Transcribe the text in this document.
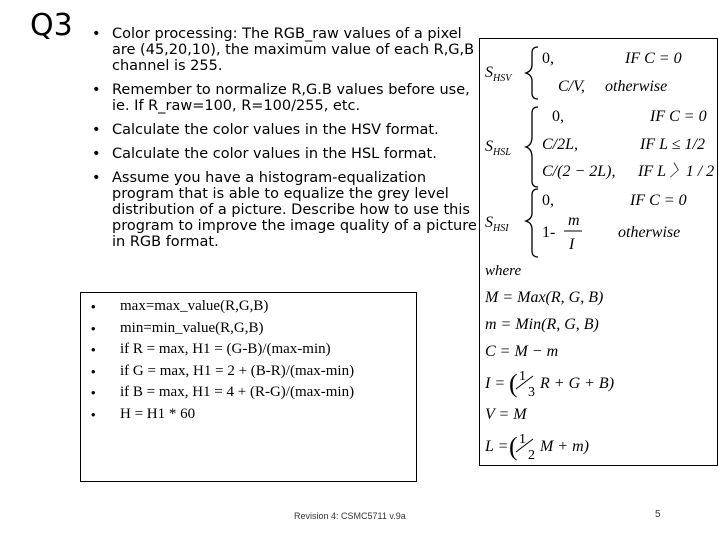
Q3
•	Color processing: The RGB_raw values of a pixel are (45,20,10), the maximum value of each R,G,B channel is 255.
• Remember to normalize R,G.B values before use, ie. If R_raw=100, R=100/255, etc.
• Calculate the color values in the HSV format.
• Calculate the color values in the HSL format.
• Assume you have a histogram-equalization program that is able to equalize the grey level distribution of a picture. Describe how to use this program to improve the image quality of a picture in RGB format.
• max=max_value(R,G,B)
• min=min_value(R,G,B)
• if R = max, H1 = (G-B)/(max-min)
• if G = max, H1 = 2 + (B-R)/(max-min)
• if B = max, H1 = 4 + (R-G)/(max-min)
• H = H1 * 60
$S_{HSV}$
0,	IF C = 0
C/V, otherwise
$S_{HSL}$
0,	IF C = 0
C/2L,	IF L ≤ 1/2
C/(2 − 2L), IF L 〉1 / 2
$S_{HSI}$
0,	IF C = 0
1-
m
I
otherwise
where
M = Max(R, G, B)
m = Min(R, G, B)
C = M − m
I = ( 1
3
R + G + B)
V = M
L = ( 1
2
M + m)
Revision 4: CSMC5711 v.9a	5
